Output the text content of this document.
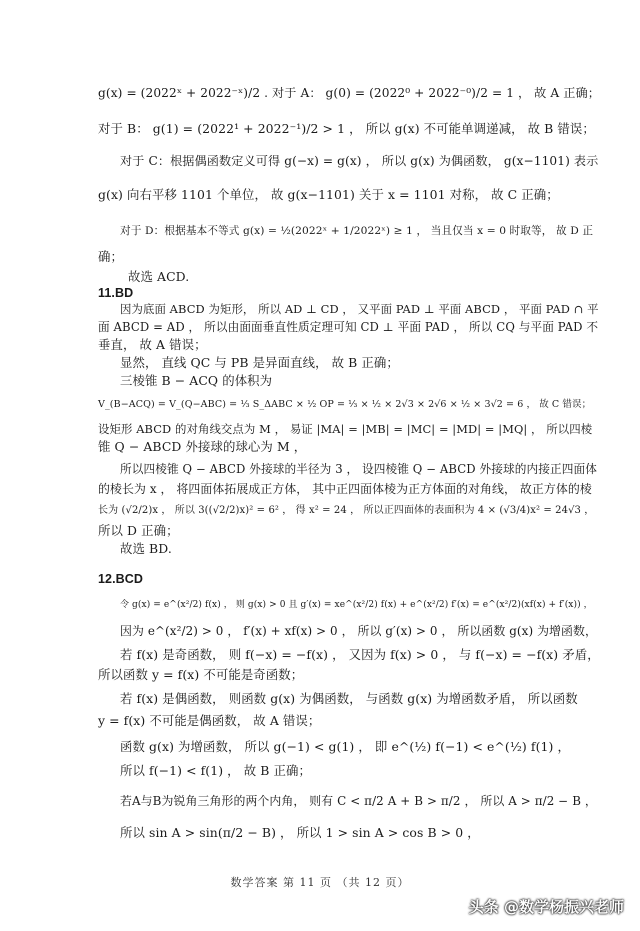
g(x) = (2022ˣ + 2022⁻ˣ)/2 . 对于 A： g(0) = (2022⁰ + 2022⁻⁰)/2 = 1 ， 故 A 正确；
对于 B： g(1) = (2022¹ + 2022⁻¹)/2 > 1 ， 所以 g(x) 不可能单调递减， 故 B 错误；
对于 C：根据偶函数定义可得 g(−x) = g(x) ， 所以 g(x) 为偶函数， g(x−1101) 表示
g(x) 向右平移 1101 个单位， 故 g(x−1101) 关于 x = 1101 对称， 故 C 正确；
对于 D：根据基本不等式 g(x) = ½(2022ˣ + 1/2022ˣ) ≥ 1 ， 当且仅当 x = 0 时取等， 故 D 正
确；
故选 ACD.
11.BD
因为底面 ABCD 为矩形， 所以 AD ⊥ CD ， 又平面 PAD ⊥ 平面 ABCD ， 平面 PAD ∩ 平
面 ABCD = AD ， 所以由面面垂直性质定理可知 CD ⊥ 平面 PAD ， 所以 CQ 与平面 PAD 不
垂直， 故 A 错误；
显然， 直线 QC 与 PB 是异面直线， 故 B 正确；
三棱锥 B − ACQ 的体积为
V_(B−ACQ) = V_(Q−ABC) = ⅓ S_ΔABC × ½ OP = ⅓ × ½ × 2√3 × 2√6 × ½ × 3√2 = 6 ， 故 C 错误；
设矩形 ABCD 的对角线交点为 M ， 易证 |MA| = |MB| = |MC| = |MD| = |MQ| ， 所以四棱
锥 Q − ABCD 外接球的球心为 M ，
所以四棱锥 Q − ABCD 外接球的半径为 3 ， 设四棱锥 Q − ABCD 外接球的内接正四面体
的棱长为 x ， 将四面体拓展成正方体， 其中正四面体棱为正方体面的对角线， 故正方体的棱
长为 (√2/2)x ， 所以 3((√2/2)x)² = 6² ， 得 x² = 24 ， 所以正四面体的表面积为 4 × (√3/4)x² = 24√3 ，
所以 D 正确；
故选 BD.
12.BCD
令 g(x) = e^(x²/2) f(x) ， 则 g(x) > 0 且 g′(x) = xe^(x²/2) f(x) + e^(x²/2) f′(x) = e^(x²/2)(xf(x) + f′(x)) ，
因为 e^(x²/2) > 0 ， f′(x) + xf(x) > 0 ， 所以 g′(x) > 0 ， 所以函数 g(x) 为增函数，
若 f(x) 是奇函数， 则 f(−x) = −f(x) ， 又因为 f(x) > 0 ， 与 f(−x) = −f(x) 矛盾，
所以函数 y = f(x) 不可能是奇函数；
若 f(x) 是偶函数， 则函数 g(x) 为偶函数， 与函数 g(x) 为增函数矛盾， 所以函数
y = f(x) 不可能是偶函数， 故 A 错误；
函数 g(x) 为增函数， 所以 g(−1) < g(1) ， 即 e^(½) f(−1) < e^(½) f(1) ，
所以 f(−1) < f(1) ， 故 B 正确；
若A与B为锐角三角形的两个内角， 则有 C < π/2 A + B > π/2 ， 所以 A > π/2 − B ，
所以 sin A > sin(π/2 − B) ， 所以 1 > sin A > cos B > 0 ，
数学答案 第 11 页 （共 12 页）
头条 @数学杨振兴老师
